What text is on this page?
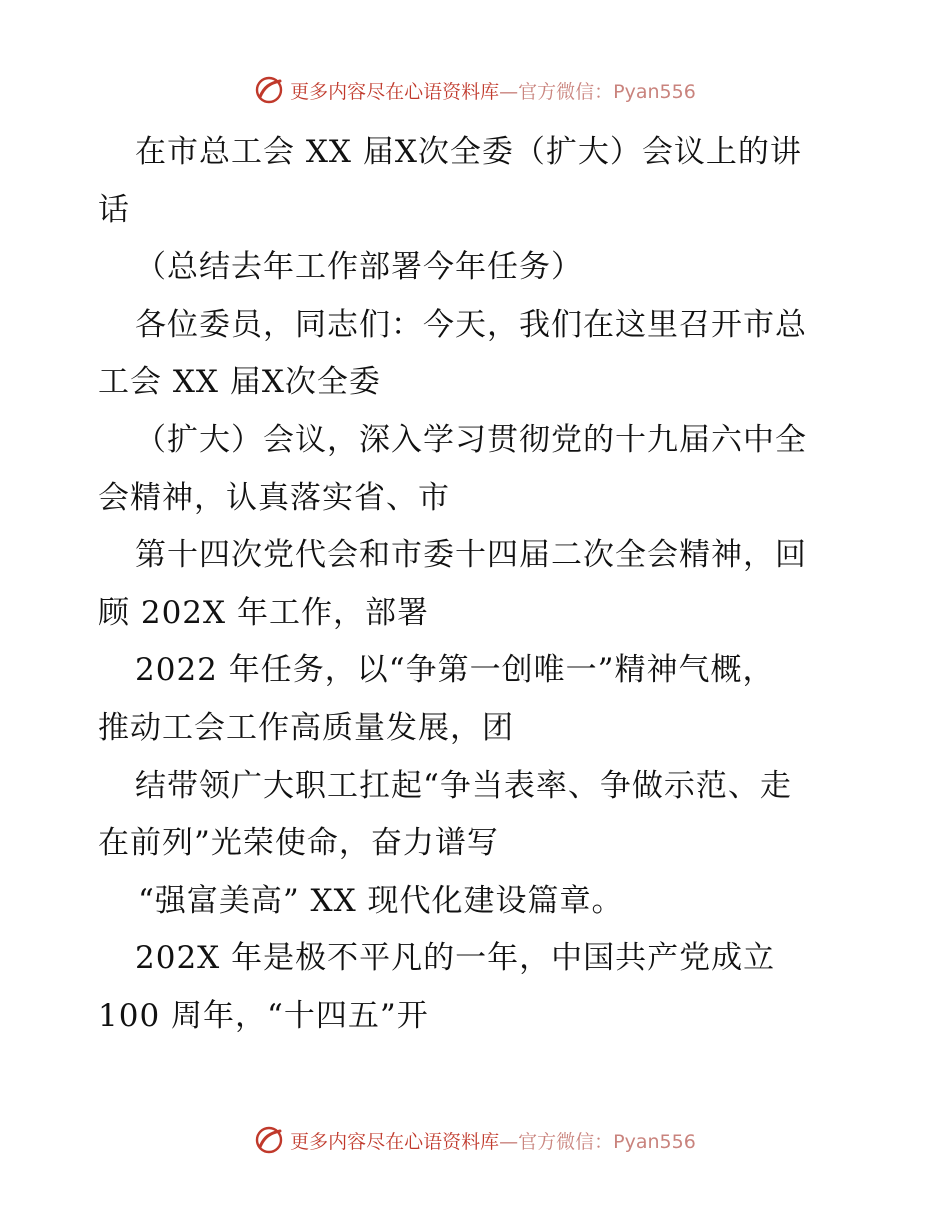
更多内容尽在心语资料库—官方微信：Pyan556
在市总工会 XX 届X次全委（扩大）会议上的讲
话
（总结去年工作部署今年任务）
各位委员，同志们：今天，我们在这里召开市总
工会 XX 届X次全委
（扩大）会议，深入学习贯彻党的十九届六中全
会精神，认真落实省、市
第十四次党代会和市委十四届二次全会精神，回
顾 202X 年工作，部署
2022 年任务，以“争第一创唯一”精神气概，
推动工会工作高质量发展，团
结带领广大职工扛起“争当表率、争做示范、走
在前列”光荣使命，奋力谱写
“强富美高” XX 现代化建设篇章。
202X 年是极不平凡的一年，中国共产党成立
100 周年，“十四五”开
更多内容尽在心语资料库—官方微信：Pyan556
